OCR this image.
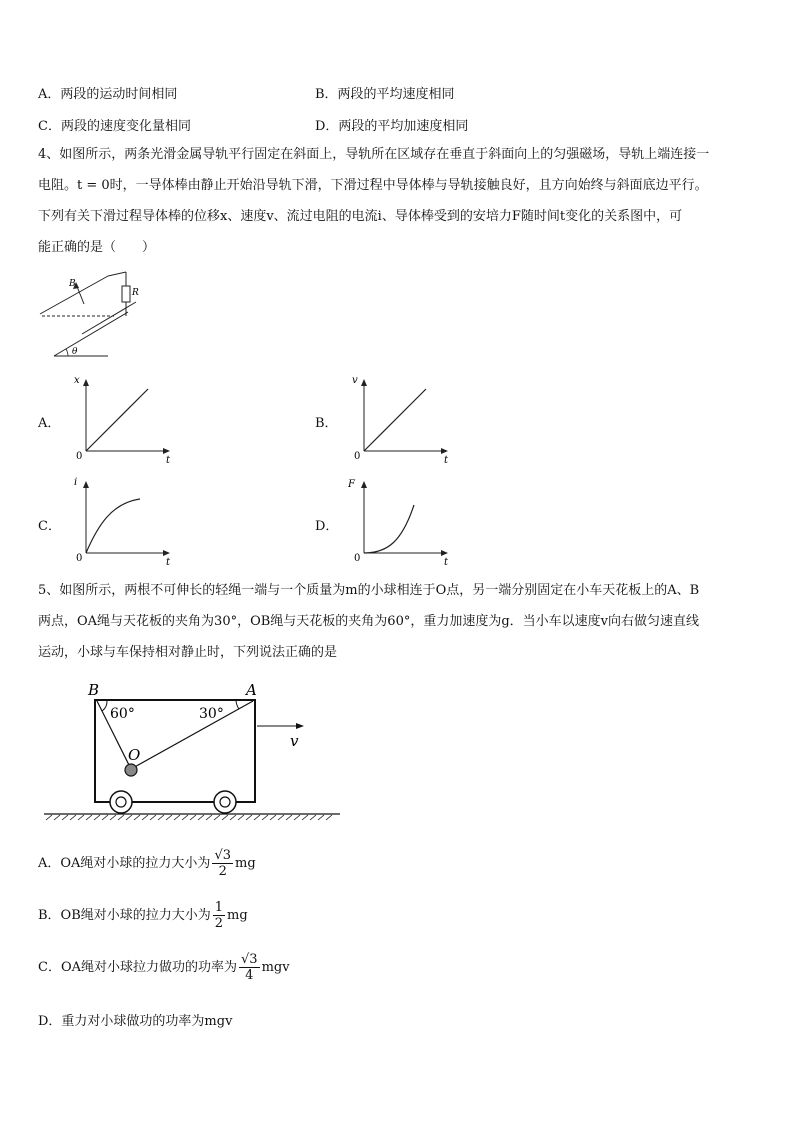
A．两段的运动时间相同	B．两段的平均速度相同
C．两段的速度变化量相同	D．两段的平均加速度相同
4、如图所示，两条光滑金属导轨平行固定在斜面上，导轨所在区域存在垂直于斜面向上的匀强磁场，导轨上端连接一
电阻。t = 0时，一导体棒由静止开始沿导轨下滑，下滑过程中导体棒与导轨接触良好，且方向始终与斜面底边平行。
下列有关下滑过程导体棒的位移x、速度v、流过电阻的电流i、导体棒受到的安培力F随时间t变化的关系图中，可
能正确的是（　　）
B
R
θ
A．
x
t
0
B．
v
t
0
C．
i
t
0
D．
F
t
0
5、如图所示，两根不可伸长的轻绳一端与一个质量为m的小球相连于O点，另一端分别固定在小车天花板上的A、B
两点，OA绳与天花板的夹角为30°，OB绳与天花板的夹角为60°，重力加速度为g．当小车以速度v向右做匀速直线
运动，小球与车保持相对静止时，下列说法正确的是
B	A
O
60°	30°
v
A．OA绳对小球的拉力大小为 $\frac{√3}{2}$ mg
B．OB绳对小球的拉力大小为 $\frac{1}{2}$ mg
C．OA绳对小球拉力做功的功率为 $\frac{√3}{4}$ mgv
D．重力对小球做功的功率为mgv
